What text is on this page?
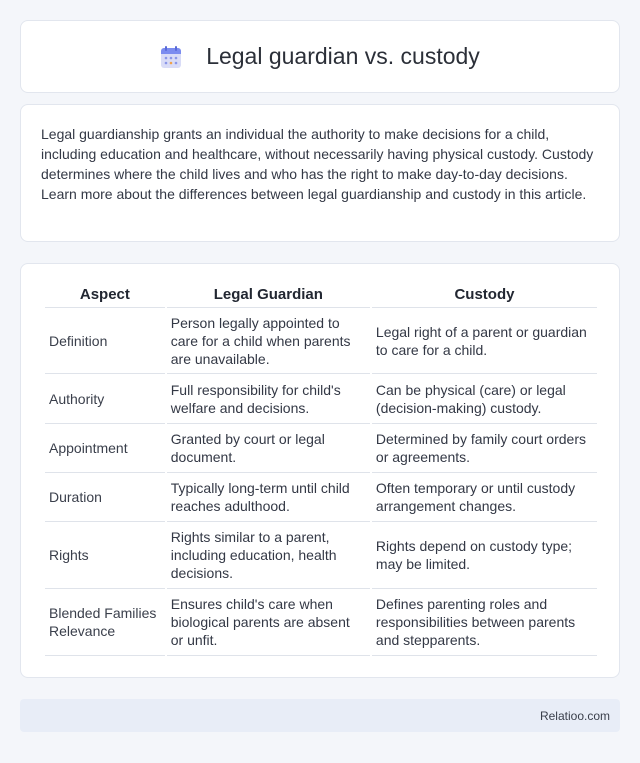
Legal guardian vs. custody

Legal guardianship grants an individual the authority to make decisions for a child, including education and healthcare, without necessarily having physical custody. Custody determines where the child lives and who has the right to make day-to-day decisions. Learn more about the differences between legal guardianship and custody in this article.

Aspect	Legal Guardian	Custody
Definition	Person legally appointed to care for a child when parents are unavailable.	Legal right of a parent or guardian to care for a child.
Authority	Full responsibility for child's welfare and decisions.	Can be physical (care) or legal (decision-making) custody.
Appointment	Granted by court or legal document.	Determined by family court orders or agreements.
Duration	Typically long-term until child reaches adulthood.	Often temporary or until custody arrangement changes.
Rights	Rights similar to a parent, including education, health decisions.	Rights depend on custody type; may be limited.
Blended Families Relevance	Ensures child's care when biological parents are absent or unfit.	Defines parenting roles and responsibilities between parents and stepparents.
Relatioo.com
